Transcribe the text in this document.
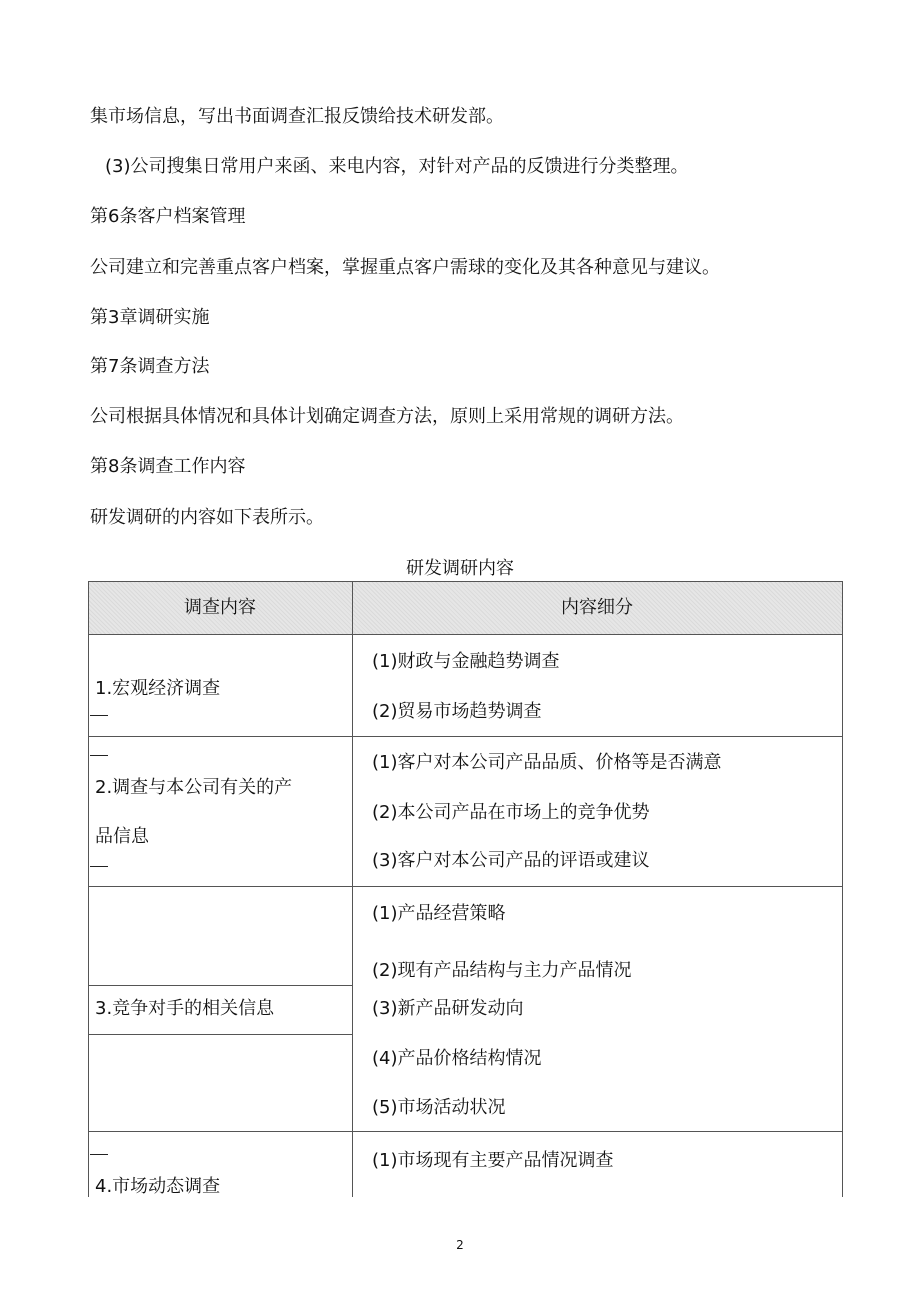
集市场信息，写出书面调查汇报反馈给技术研发部。
(3)公司搜集日常用户来函、来电内容，对针对产品的反馈进行分类整理。
第6条客户档案管理
公司建立和完善重点客户档案，掌握重点客户需球的变化及其各种意见与建议。
第3章调研实施
第7条调查方法
公司根据具体情况和具体计划确定调查方法，原则上采用常规的调研方法。
第8条调查工作内容
研发调研的内容如下表所示。
研发调研内容
调查内容	内容细分
1.宏观经济调查
(1)财政与金融趋势调查
(2)贸易市场趋势调查
2.调查与本公司有关的产
品信息
(1)客户对本公司产品品质、价格等是否满意
(2)本公司产品在市场上的竞争优势
(3)客户对本公司产品的评语或建议
3.竞争对手的相关信息
(1)产品经营策略
(2)现有产品结构与主力产品情况
(3)新产品研发动向
(4)产品价格结构情况
(5)市场活动状况
4.市场动态调查
(1)市场现有主要产品情况调查
2
